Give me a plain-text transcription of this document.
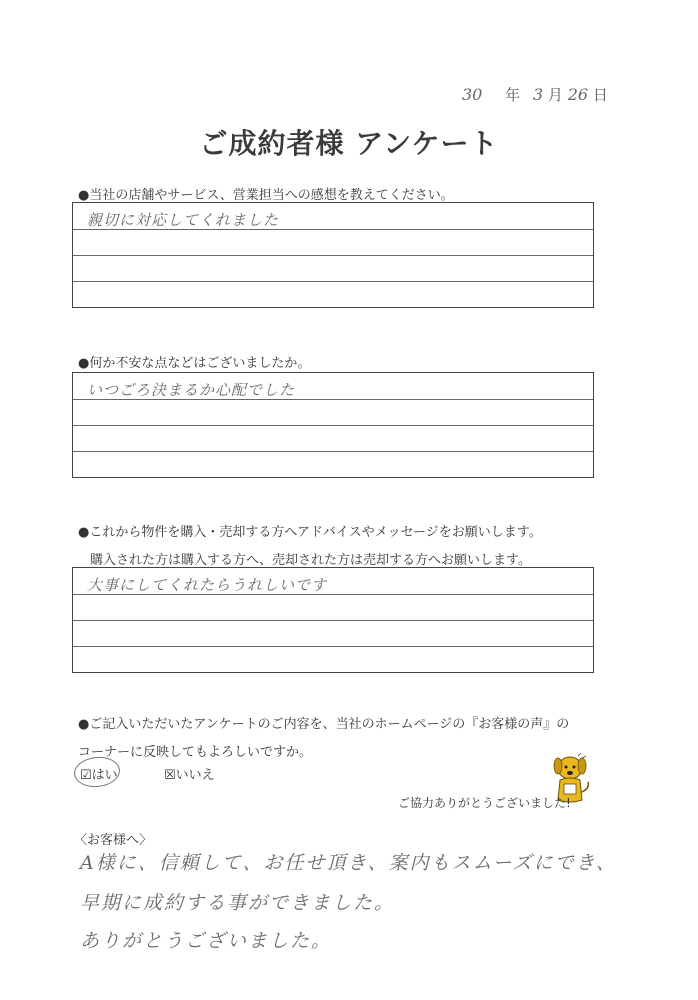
30 年 3 月 26 日
ご成約者様 アンケート
●当社の店舗やサービス、営業担当への感想を教えてください。
親切に対応してくれました
●何か不安な点などはございましたか。
いつごろ決まるか心配でした
●これから物件を購入・売却する方へアドバイスやメッセージをお願いします。
購入された方は購入する方へ、売却された方は売却する方へお願いします。
大事にしてくれたらうれしいです
●ご記入いただいたアンケートのご内容を、当社のホームページの『お客様の声』の
コーナーに反映してもよろしいですか。
☑はい	☒いいえ
ご協力ありがとうございました!
〈お客様へ〉
A様に、信頼して、お任せ頂き、案内もスムーズにでき、
早期に成約する事ができました。
ありがとうございました。
